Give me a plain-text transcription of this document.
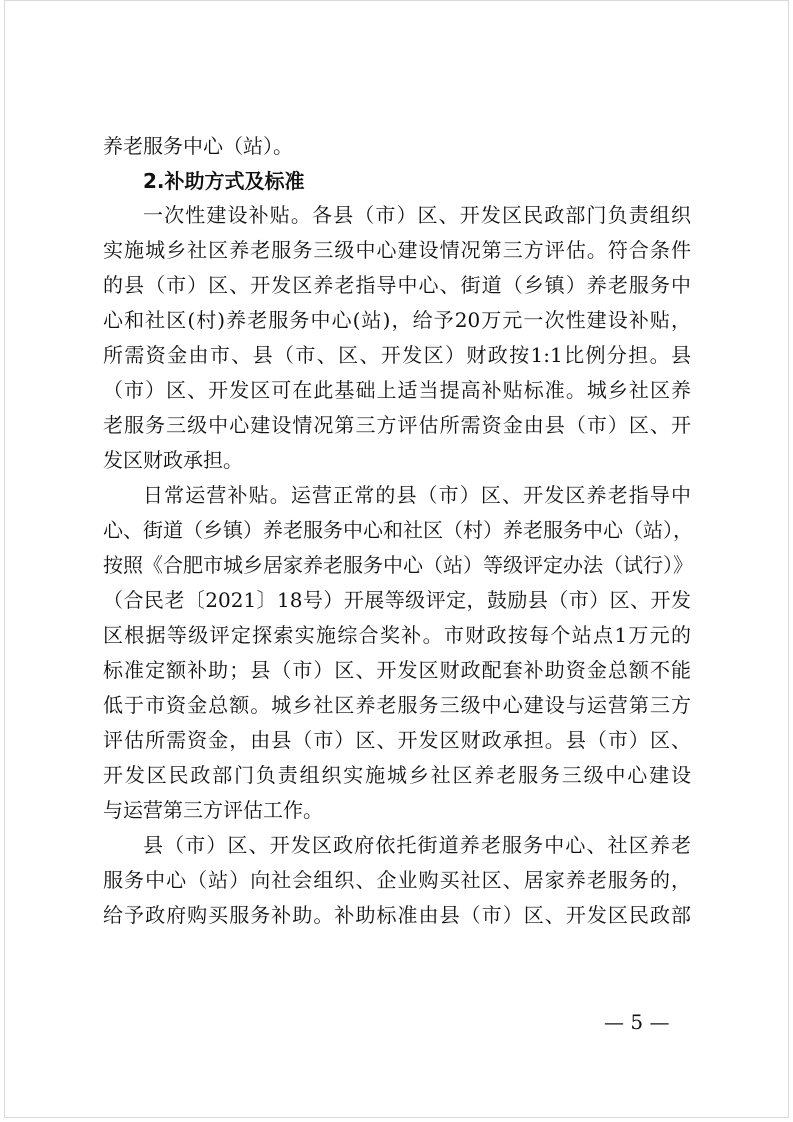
养老服务中心（站）。

2.补助方式及标准

一次性建设补贴。各县（市）区、开发区民政部门负责组织

实施城乡社区养老服务三级中心建设情况第三方评估。符合条件

的县（市）区、开发区养老指导中心、街道（乡镇）养老服务中

心和社区(村)养老服务中心(站)，给予20万元一次性建设补贴，

所需资金由市、县（市、区、开发区）财政按1:1比例分担。县

（市）区、开发区可在此基础上适当提高补贴标准。城乡社区养

老服务三级中心建设情况第三方评估所需资金由县（市）区、开

发区财政承担。

日常运营补贴。运营正常的县（市）区、开发区养老指导中

心、街道（乡镇）养老服务中心和社区（村）养老服务中心（站），

按照《合肥市城乡居家养老服务中心（站）等级评定办法（试行）》

（合民老〔2021〕18号）开展等级评定，鼓励县（市）区、开发

区根据等级评定探索实施综合奖补。市财政按每个站点1万元的

标准定额补助；县（市）区、开发区财政配套补助资金总额不能

低于市资金总额。城乡社区养老服务三级中心建设与运营第三方

评估所需资金，由县（市）区、开发区财政承担。县（市）区、

开发区民政部门负责组织实施城乡社区养老服务三级中心建设

与运营第三方评估工作。

县（市）区、开发区政府依托街道养老服务中心、社区养老

服务中心（站）向社会组织、企业购买社区、居家养老服务的，

给予政府购买服务补助。补助标准由县（市）区、开发区民政部

— 5 —
